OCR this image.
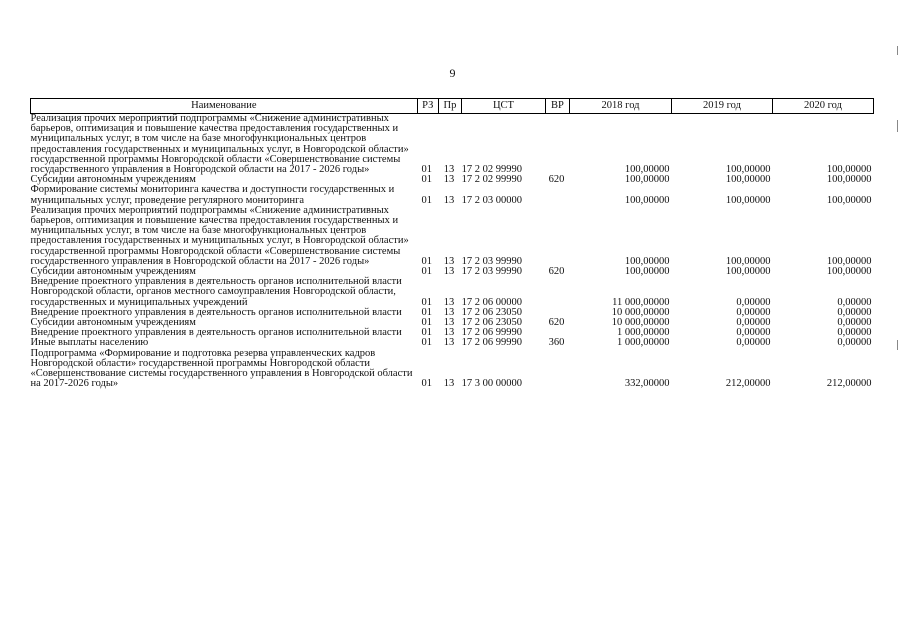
9
Наименование	РЗ	Пр	ЦСТ	ВР	2018 год	2019 год	2020 год
Реализация прочих мероприятий подпрограммы «Снижение административных барьеров, оптимизация и повышение качества предоставления государственных и муниципальных услуг, в том числе на базе многофункциональных центров предоставления государственных и муниципальных услуг, в Новгородской области» государственной программы Новгородской области «Совершенствование системы государственного управления в Новгородской области на 2017 - 2026 годы»	01	13	17 2 02 99990		100,00000	100,00000	100,00000
Субсидии автономным учреждениям	01	13	17 2 02 99990	620	100,00000	100,00000	100,00000
Формирование системы мониторинга качества и доступности государственных и муниципальных услуг, проведение регулярного мониторинга	01	13	17 2 03 00000		100,00000	100,00000	100,00000
Реализация прочих мероприятий подпрограммы «Снижение административных барьеров, оптимизация и повышение качества предоставления государственных и муниципальных услуг, в том числе на базе многофункциональных центров предоставления государственных и муниципальных услуг, в Новгородской области» государственной программы Новгородской области «Совершенствование системы государственного управления в Новгородской области на 2017 - 2026 годы»	01	13	17 2 03 99990		100,00000	100,00000	100,00000
Субсидии автономным учреждениям	01	13	17 2 03 99990	620	100,00000	100,00000	100,00000
Внедрение проектного управления в деятельность органов исполнительной власти Новгородской области, органов местного самоуправления Новгородской области, государственных и муниципальных учреждений	01	13	17 2 06 00000		11 000,00000	0,00000	0,00000
Внедрение проектного управления в деятельность органов исполнительной власти	01	13	17 2 06 23050		10 000,00000	0,00000	0,00000
Субсидии автономным учреждениям	01	13	17 2 06 23050	620	10 000,00000	0,00000	0,00000
Внедрение проектного управления в деятельность органов исполнительной власти	01	13	17 2 06 99990		1 000,00000	0,00000	0,00000
Иные выплаты населению	01	13	17 2 06 99990	360	1 000,00000	0,00000	0,00000
Подпрограмма «Формирование и подготовка резерва управленческих кадров Новгородской области» государственной программы Новгородской области «Совершенствование системы государственного управления в Новгородской области на 2017-2026 годы»	01	13	17 3 00 00000		332,00000	212,00000	212,00000
